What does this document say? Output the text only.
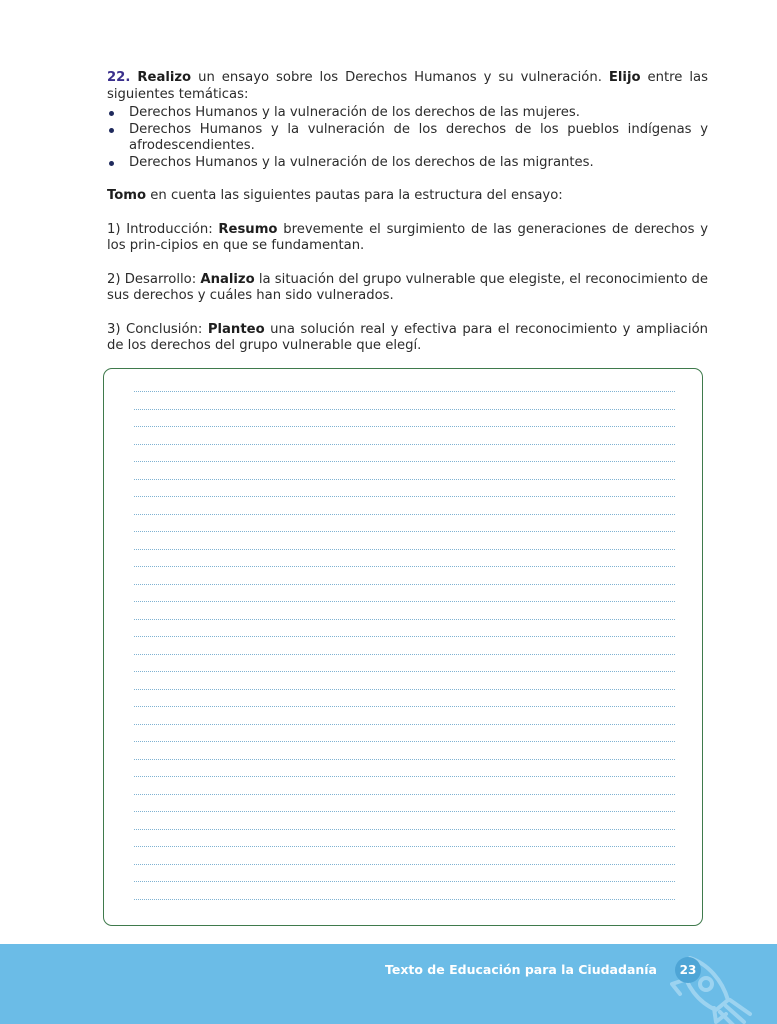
22. Realizo un ensayo sobre los Derechos Humanos y su vulneración. Elijo entre las siguientes temáticas:

Derechos Humanos y la vulneración de los derechos de las mujeres.
Derechos Humanos y la vulneración de los derechos de los pueblos indígenas y afrodescendientes.
Derechos Humanos y la vulneración de los derechos de las migrantes.

Tomo en cuenta las siguientes pautas para la estructura del ensayo:

1) Introducción: Resumo brevemente el surgimiento de las generaciones de derechos y los prin-cipios en que se fundamentan.

2) Desarrollo: Analizo la situación del grupo vulnerable que elegiste, el reconocimiento de sus derechos y cuáles han sido vulnerados.

3) Conclusión: Planteo una solución real y efectiva para el reconocimiento y ampliación de los derechos del grupo vulnerable que elegí.

Texto de Educación para la Ciudadanía	23
